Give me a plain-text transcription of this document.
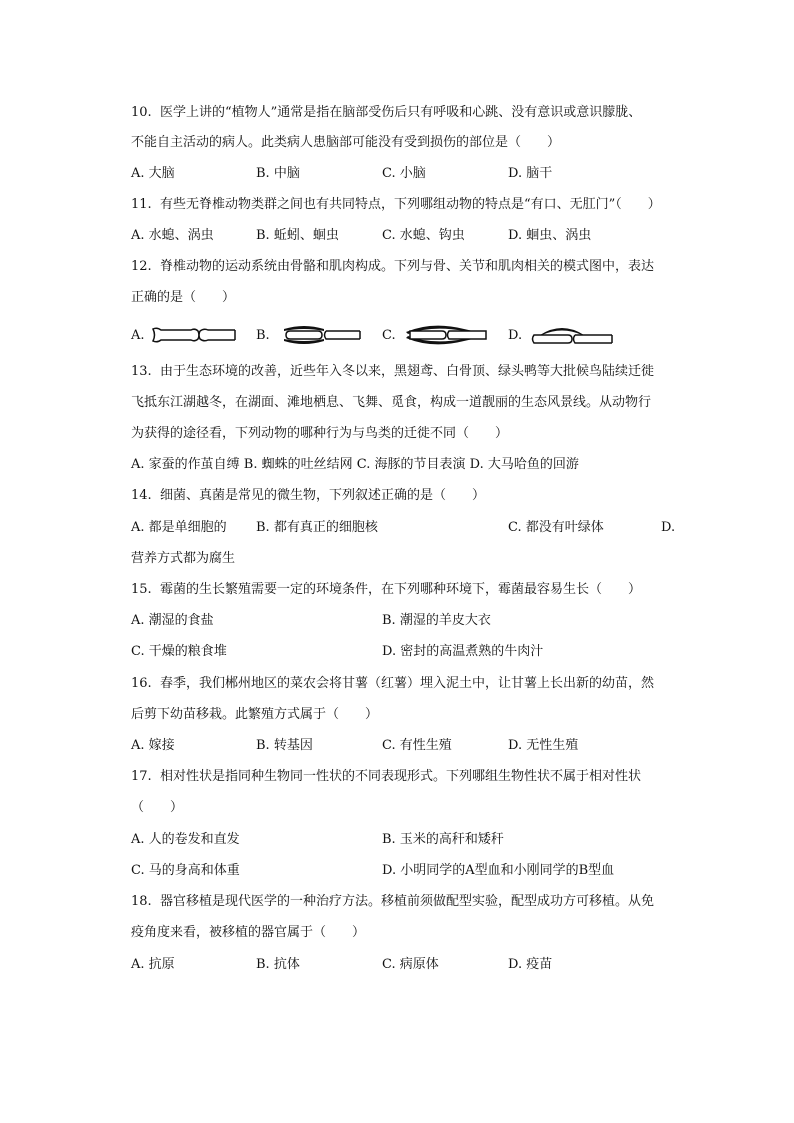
10.  医学上讲的“植物人”通常是指在脑部受伤后只有呼吸和心跳、没有意识或意识朦胧、
不能自主活动的病人。此类病人患脑部可能没有受到损伤的部位是（　　）
A. 大脑	B. 中脑	C. 小脑	D. 脑干
11.  有些无脊椎动物类群之间也有共同特点，下列哪组动物的特点是“有口、无肛门”（　　）
A. 水螅、涡虫	B. 蚯蚓、蛔虫	C. 水螅、钩虫	D. 蛔虫、涡虫
12.  脊椎动物的运动系统由骨骼和肌肉构成。下列与骨、关节和肌肉相关的模式图中，表达
正确的是（　　）
A.	B.	C.	D.
13.  由于生态环境的改善，近些年入冬以来，黑翅鸢、白骨顶、绿头鸭等大批候鸟陆续迁徙
飞抵东江湖越冬，在湖面、滩地栖息、飞舞、觅食，构成一道靓丽的生态风景线。从动物行
为获得的途径看，下列动物的哪种行为与鸟类的迁徙不同（　　）
A. 家蚕的作茧自缚 B. 蜘蛛的吐丝结网 C. 海豚的节目表演 D. 大马哈鱼的回游
14.  细菌、真菌是常见的微生物，下列叙述正确的是（　　）
A. 都是单细胞的 B. 都有真正的细胞核	C. 都没有叶绿体	D.
营养方式都为腐生
15.  霉菌的生长繁殖需要一定的环境条件，在下列哪种环境下，霉菌最容易生长（　　）
A. 潮湿的食盐	B. 潮湿的羊皮大衣
C. 干燥的粮食堆	D. 密封的高温煮熟的牛肉汁
16.  春季，我们郴州地区的菜农会将甘薯（红薯）埋入泥土中，让甘薯上长出新的幼苗，然
后剪下幼苗移栽。此繁殖方式属于（　　）
A. 嫁接	B. 转基因	C. 有性生殖	D. 无性生殖
17.  相对性状是指同种生物同一性状的不同表现形式。下列哪组生物性状不属于相对性状
（　　）
A. 人的卷发和直发	B. 玉米的高秆和矮秆
C. 马的身高和体重	D. 小明同学的A型血和小刚同学的B型血
18.  器官移植是现代医学的一种治疗方法。移植前须做配型实验，配型成功方可移植。从免
疫角度来看，被移植的器官属于（　　）
A. 抗原	B. 抗体	C. 病原体	D. 疫苗
